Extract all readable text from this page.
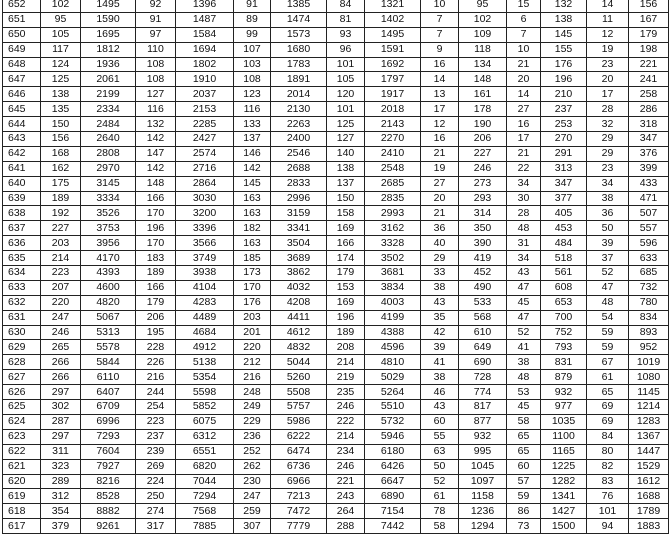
652	102	1495	92	1396	91	1385	84	1321	10	95	15	132	14	156
651	95	1590	91	1487	89	1474	81	1402	7	102	6	138	11	167
650	105	1695	97	1584	99	1573	93	1495	7	109	7	145	12	179
649	117	1812	110	1694	107	1680	96	1591	9	118	10	155	19	198
648	124	1936	108	1802	103	1783	101	1692	16	134	21	176	23	221
647	125	2061	108	1910	108	1891	105	1797	14	148	20	196	20	241
646	138	2199	127	2037	123	2014	120	1917	13	161	14	210	17	258
645	135	2334	116	2153	116	2130	101	2018	17	178	27	237	28	286
644	150	2484	132	2285	133	2263	125	2143	12	190	16	253	32	318
643	156	2640	142	2427	137	2400	127	2270	16	206	17	270	29	347
642	168	2808	147	2574	146	2546	140	2410	21	227	21	291	29	376
641	162	2970	142	2716	142	2688	138	2548	19	246	22	313	23	399
640	175	3145	148	2864	145	2833	137	2685	27	273	34	347	34	433
639	189	3334	166	3030	163	2996	150	2835	20	293	30	377	38	471
638	192	3526	170	3200	163	3159	158	2993	21	314	28	405	36	507
637	227	3753	196	3396	182	3341	169	3162	36	350	48	453	50	557
636	203	3956	170	3566	163	3504	166	3328	40	390	31	484	39	596
635	214	4170	183	3749	185	3689	174	3502	29	419	34	518	37	633
634	223	4393	189	3938	173	3862	179	3681	33	452	43	561	52	685
633	207	4600	166	4104	170	4032	153	3834	38	490	47	608	47	732
632	220	4820	179	4283	176	4208	169	4003	43	533	45	653	48	780
631	247	5067	206	4489	203	4411	196	4199	35	568	47	700	54	834
630	246	5313	195	4684	201	4612	189	4388	42	610	52	752	59	893
629	265	5578	228	4912	220	4832	208	4596	39	649	41	793	59	952
628	266	5844	226	5138	212	5044	214	4810	41	690	38	831	67	1019
627	266	6110	216	5354	216	5260	219	5029	38	728	48	879	61	1080
626	297	6407	244	5598	248	5508	235	5264	46	774	53	932	65	1145
625	302	6709	254	5852	249	5757	246	5510	43	817	45	977	69	1214
624	287	6996	223	6075	229	5986	222	5732	60	877	58	1035	69	1283
623	297	7293	237	6312	236	6222	214	5946	55	932	65	1100	84	1367
622	311	7604	239	6551	252	6474	234	6180	63	995	65	1165	80	1447
621	323	7927	269	6820	262	6736	246	6426	50	1045	60	1225	82	1529
620	289	8216	224	7044	230	6966	221	6647	52	1097	57	1282	83	1612
619	312	8528	250	7294	247	7213	243	6890	61	1158	59	1341	76	1688
618	354	8882	274	7568	259	7472	264	7154	78	1236	86	1427	101	1789
617	379	9261	317	7885	307	7779	288	7442	58	1294	73	1500	94	1883
